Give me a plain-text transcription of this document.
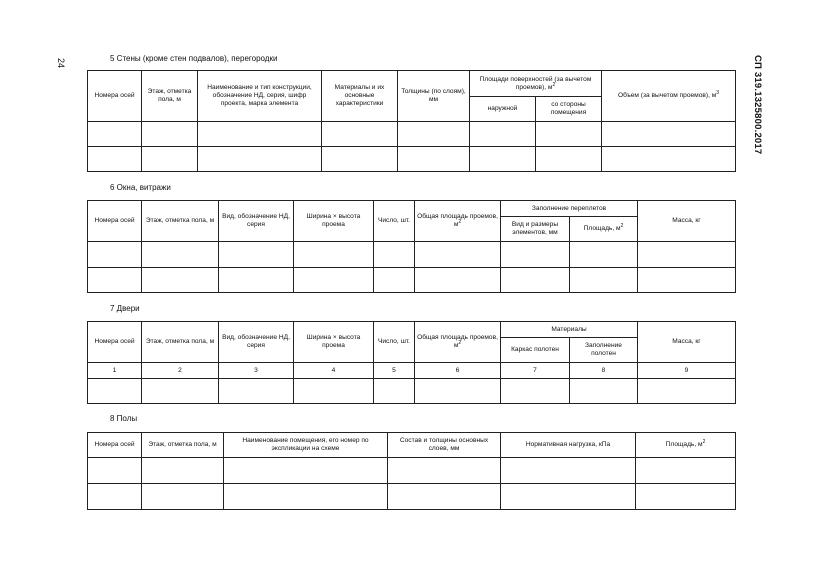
24	СП 319.1325800.2017
5 Стены (кроме стен подвалов), перегородки
Номера осей	Этаж, отметка пола, м	Наименование и тип конструкции, обозначение НД, серия, шифр проекта, марка элемента	Материалы и их основные характеристики	Толщины (по слоям), мм	Площади поверхностей (за вычетом проемов), $м^2$		Объем (за вычетом проемов), $м^3$
					наружной	со стороны помещения	

6 Окна, витражи
Номера осей	Этаж, отметка пола, м	Вид, обозначение НД, серия	Ширина × высота проема	Число, шт.	Общая площадь проемов, $м^2$	Заполнение переплетов		Масса, кг
						Вид и размеры элементов, мм	Площадь, $м^2$

7 Двери
Номера осей	Этаж, отметка пола, м	Вид, обозначение НД, серия	Ширина × высота проема	Число, шт.	Общая площадь проемов, $м^2$	Материалы		Масса, кг
						Каркас полотен	Заполнение полотен	
1	2	3	4	5	6	7	8	9

8 Полы
Номера осей	Этаж, отметка пола, м	Наименование помещения, его номер по экспликации на схеме	Состав и толщины основных слоев, мм	Нормативная нагрузка, кПа	Площадь, $м^2$
